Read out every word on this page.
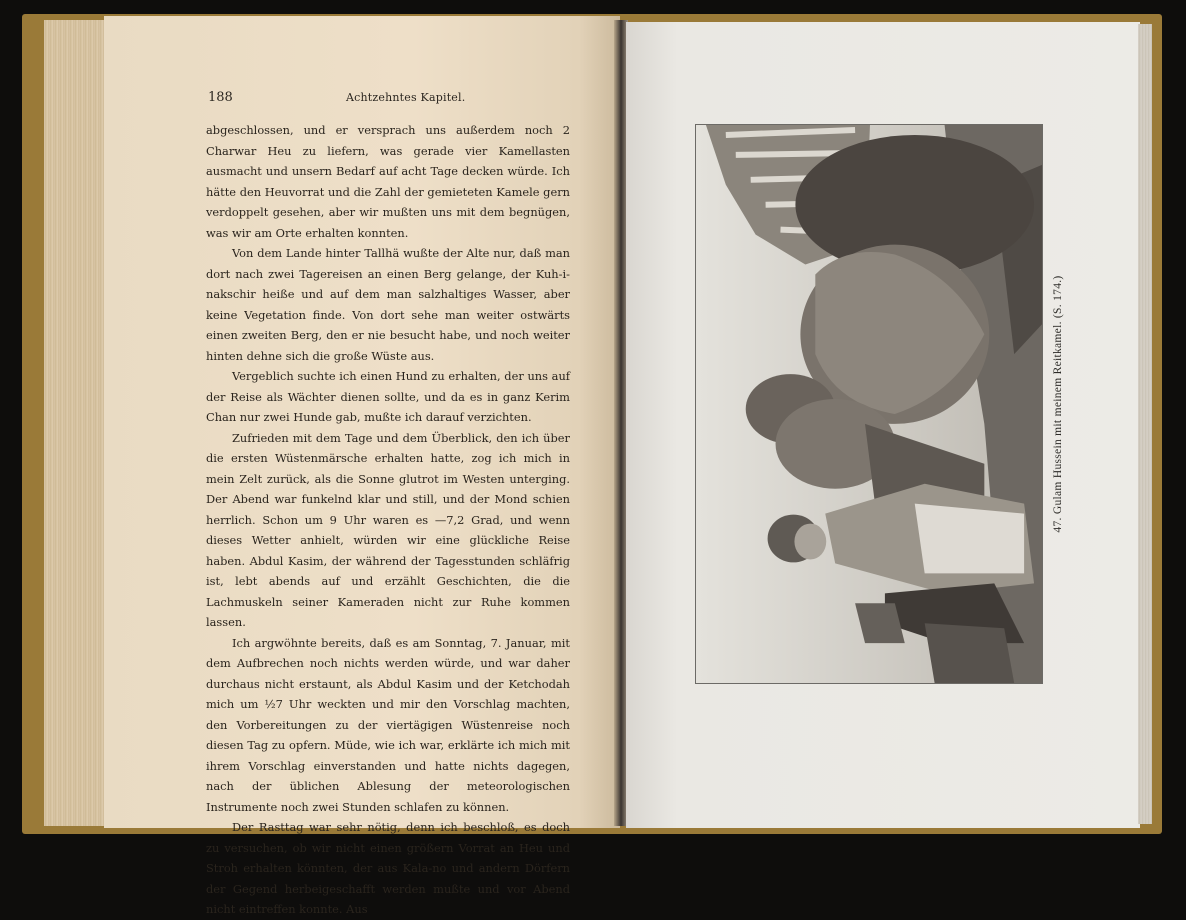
188	Achtzehntes Kapitel.

abgeschlossen, und er versprach uns außerdem noch 2 Charwar Heu zu liefern, was gerade vier Kamellasten ausmacht und unsern Bedarf auf acht Tage decken würde. Ich hätte den Heuvorrat und die Zahl der gemieteten Kamele gern verdoppelt gesehen, aber wir mußten uns mit dem begnügen, was wir am Orte erhalten konnten.

Von dem Lande hinter Tallhä wußte der Alte nur, daß man dort nach zwei Tagereisen an einen Berg gelange, der Kuh-i-nakschir heiße und auf dem man salzhaltiges Wasser, aber keine Vegetation finde. Von dort sehe man weiter ostwärts einen zweiten Berg, den er nie besucht habe, und noch weiter hinten dehne sich die große Wüste aus.

Vergeblich suchte ich einen Hund zu erhalten, der uns auf der Reise als Wächter dienen sollte, und da es in ganz Kerim Chan nur zwei Hunde gab, mußte ich darauf verzichten.

Zufrieden mit dem Tage und dem Überblick, den ich über die ersten Wüstenmärsche erhalten hatte, zog ich mich in mein Zelt zurück, als die Sonne glutrot im Westen unterging. Der Abend war funkelnd klar und still, und der Mond schien herrlich. Schon um 9 Uhr waren es —7,2 Grad, und wenn dieses Wetter anhielt, würden wir eine glückliche Reise haben. Abdul Kasim, der während der Tagesstunden schläfrig ist, lebt abends auf und erzählt Geschichten, die die Lachmuskeln seiner Kameraden nicht zur Ruhe kommen lassen.

Ich argwöhnte bereits, daß es am Sonntag, 7. Januar, mit dem Aufbrechen noch nichts werden würde, und war daher durchaus nicht erstaunt, als Abdul Kasim und der Ketchodah mich um ½7 Uhr weckten und mir den Vorschlag machten, den Vorbereitungen zu der viertägigen Wüstenreise noch diesen Tag zu opfern. Müde, wie ich war, erklärte ich mich mit ihrem Vorschlag einverstanden und hatte nichts dagegen, nach der üblichen Ablesung der meteorologischen Instrumente noch zwei Stunden schlafen zu können.

Der Rasttag war sehr nötig, denn ich beschloß, es doch zu versuchen, ob wir nicht einen größern Vorrat an Heu und Stroh erhalten könnten, der aus Kala-no und andern Dörfern der Gegend herbeigeschafft werden mußte und vor Abend nicht eintreffen konnte. Aus

47. Gulam Hussein mit meinem Reitkamel. (S. 174.)
